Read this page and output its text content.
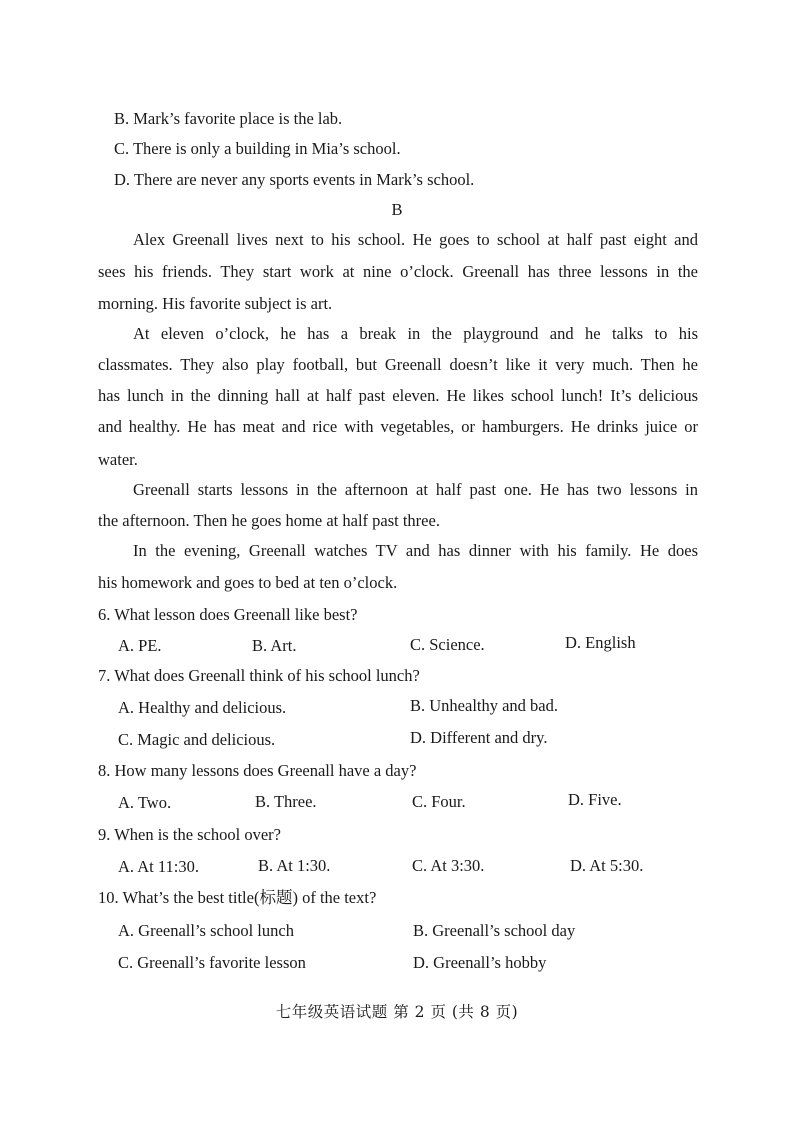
B. Mark’s favorite place is the lab.
C. There is only a building in Mia’s school.
D. There are never any sports events in Mark’s school.
B
Alex Greenall lives next to his school. He goes to school at half past eight and
sees his friends. They start work at nine o’clock. Greenall has three lessons in the
morning. His favorite subject is art.
At eleven o’clock, he has a break in the playground and he talks to his
classmates. They also play football, but Greenall doesn’t like it very much. Then he
has lunch in the dinning hall at half past eleven. He likes school lunch! It’s delicious
and healthy. He has meat and rice with vegetables, or hamburgers. He drinks juice or
water.
Greenall starts lessons in the afternoon at half past one. He has two lessons in
the afternoon. Then he goes home at half past three.
In the evening, Greenall watches TV and has dinner with his family. He does
his homework and goes to bed at ten o’clock.
6. What lesson does Greenall like best?
A. PE.	B. Art.	C. Science.	D. English
7. What does Greenall think of his school lunch?
A. Healthy and delicious.	B. Unhealthy and bad.
C. Magic and delicious.	D. Different and dry.
8. How many lessons does Greenall have a day?
A. Two.	B. Three.	C. Four.	D. Five.
9. When is the school over?
A. At 11:30.	B. At 1:30.	C. At 3:30.	D. At 5:30.
10. What’s the best title(标题) of the text?
A. Greenall’s school lunch	B. Greenall’s school day
C. Greenall’s favorite lesson	D. Greenall’s hobby
七年级英语试题 第 2 页 (共 8 页)
